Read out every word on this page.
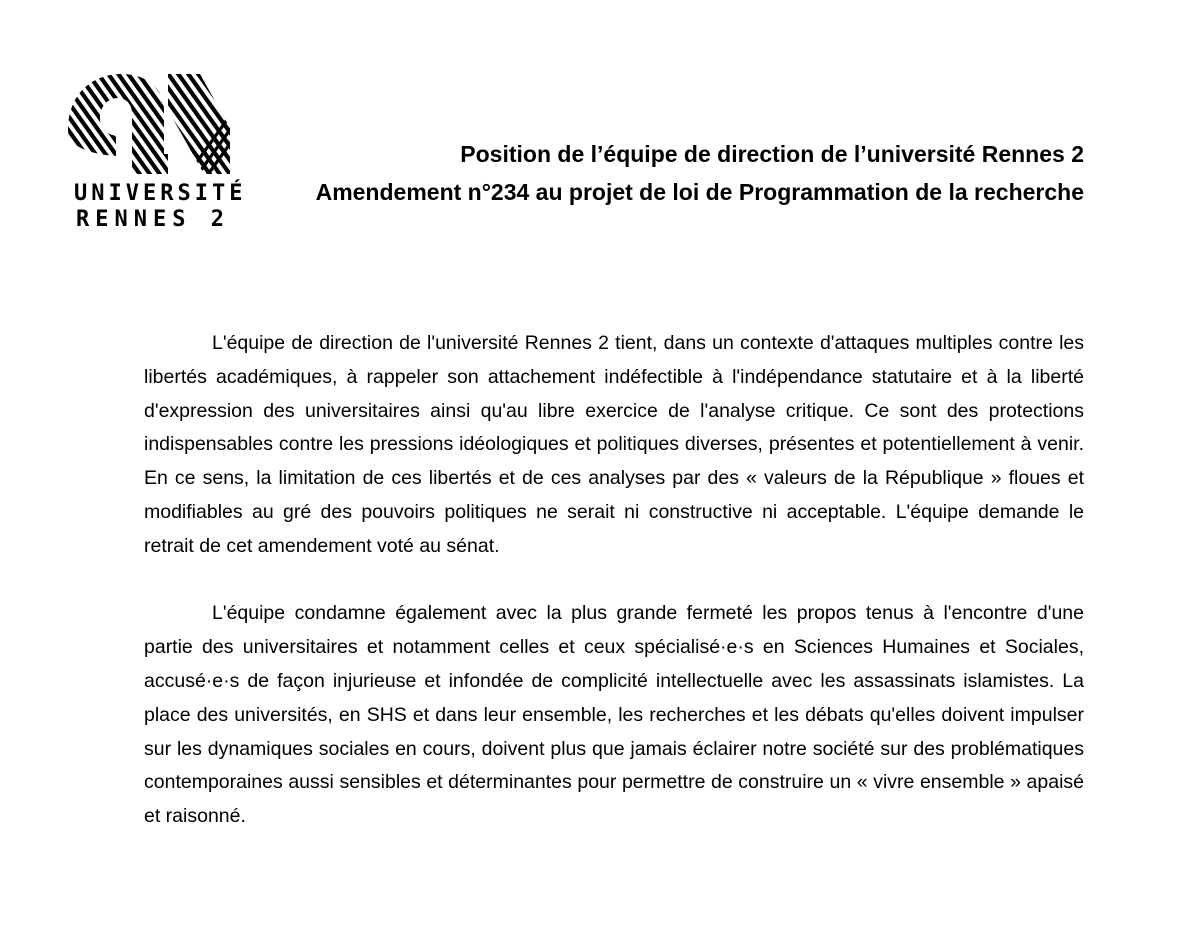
UNIVERSITÉ
RENNES 2
Position de l’équipe de direction de l’université Rennes 2
Amendement n°234 au projet de loi de Programmation de la recherche

L'équipe de direction de l'université Rennes 2 tient, dans un contexte d'attaques multiples contre les libertés académiques, à rappeler son attachement indéfectible à l'indépendance statutaire et à la liberté d'expression des universitaires ainsi qu'au libre exercice de l'analyse critique. Ce sont des protections indispensables contre les pressions idéologiques et politiques diverses, présentes et potentiellement à venir. En ce sens, la limitation de ces libertés et de ces analyses par des « valeurs de la République » floues et modifiables au gré des pouvoirs politiques ne serait ni constructive ni acceptable. L'équipe demande le retrait de cet amendement voté au sénat.

L'équipe condamne également avec la plus grande fermeté les propos tenus à l'encontre d'une partie des universitaires et notamment celles et ceux spécialisé·e·s en Sciences Humaines et Sociales, accusé·e·s de façon injurieuse et infondée de complicité intellectuelle avec les assassinats islamistes. La place des universités, en SHS et dans leur ensemble, les recherches et les débats qu'elles doivent impulser sur les dynamiques sociales en cours, doivent plus que jamais éclairer notre société sur des problématiques contemporaines aussi sensibles et déterminantes pour permettre de construire un « vivre ensemble » apaisé et raisonné.
